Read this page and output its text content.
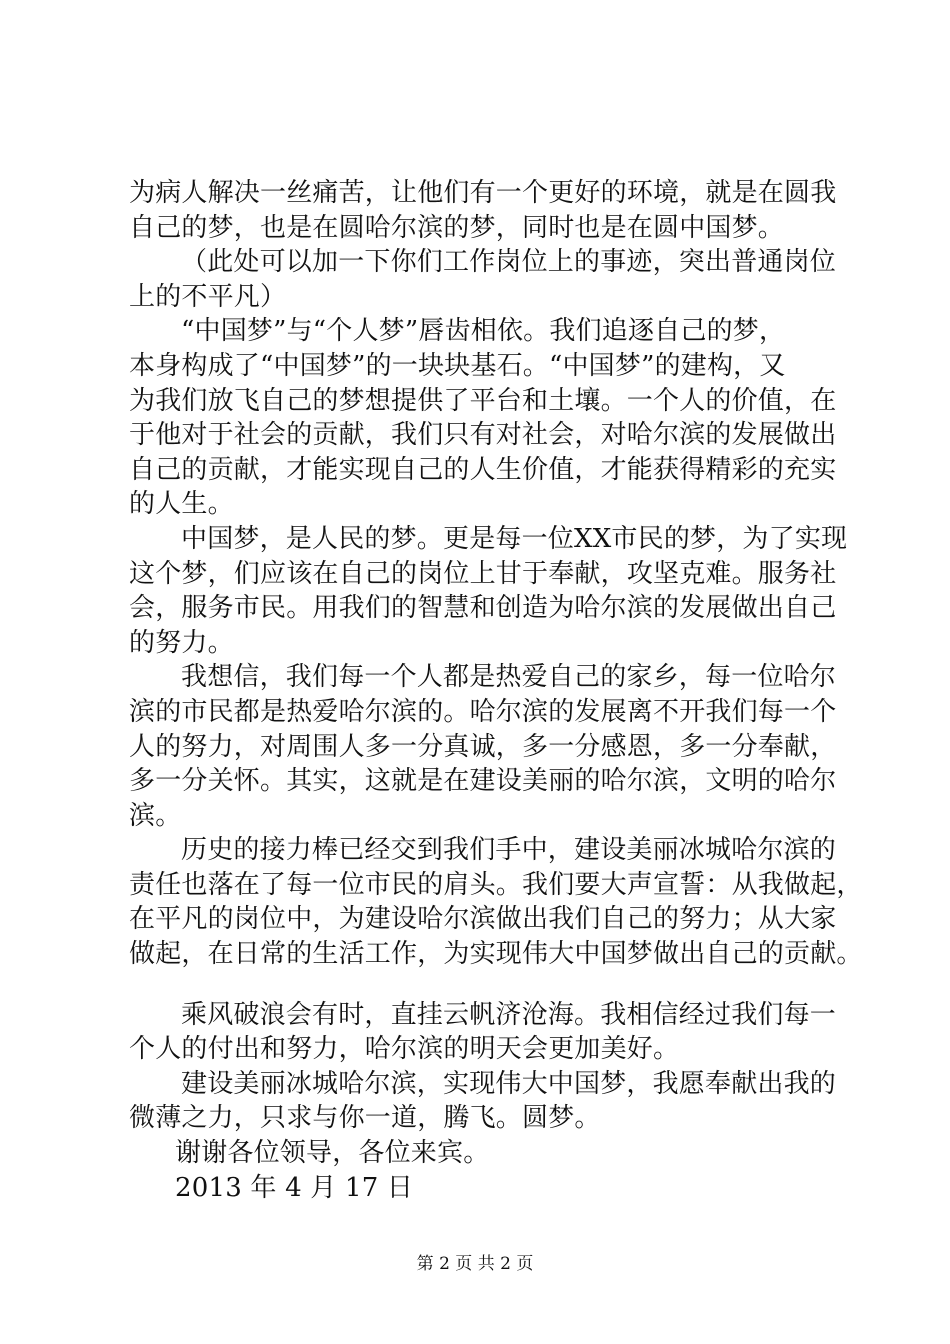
为病人解决一丝痛苦，让他们有一个更好的环境，就是在圆我
自己的梦，也是在圆哈尔滨的梦，同时也是在圆中国梦。
（此处可以加一下你们工作岗位上的事迹，突出普通岗位
上的不平凡）
“中国梦”与“个人梦”唇齿相依。我们追逐自己的梦，
本身构成了“中国梦”的一块块基石。“中国梦”的建构，又
为我们放飞自己的梦想提供了平台和土壤。一个人的价值，在
于他对于社会的贡献，我们只有对社会，对哈尔滨的发展做出
自己的贡献，才能实现自己的人生价值，才能获得精彩的充实
的人生。
中国梦，是人民的梦。更是每一位XX市民的梦，为了实现
这个梦，们应该在自己的岗位上甘于奉献，攻坚克难。服务社
会，服务市民。用我们的智慧和创造为哈尔滨的发展做出自己
的努力。
我想信，我们每一个人都是热爱自己的家乡，每一位哈尔
滨的市民都是热爱哈尔滨的。哈尔滨的发展离不开我们每一个
人的努力，对周围人多一分真诚，多一分感恩，多一分奉献，
多一分关怀。其实，这就是在建设美丽的哈尔滨，文明的哈尔
滨。
历史的接力棒已经交到我们手中，建设美丽冰城哈尔滨的
责任也落在了每一位市民的肩头。我们要大声宣誓：从我做起，
在平凡的岗位中，为建设哈尔滨做出我们自己的努力；从大家
做起，在日常的生活工作，为实现伟大中国梦做出自己的贡献。
乘风破浪会有时，直挂云帆济沧海。我相信经过我们每一
个人的付出和努力，哈尔滨的明天会更加美好。
建设美丽冰城哈尔滨，实现伟大中国梦，我愿奉献出我的
微薄之力，只求与你一道，腾飞。圆梦。
谢谢各位领导，各位来宾。
2013 年 4 月 17 日
第 2 页 共 2 页
